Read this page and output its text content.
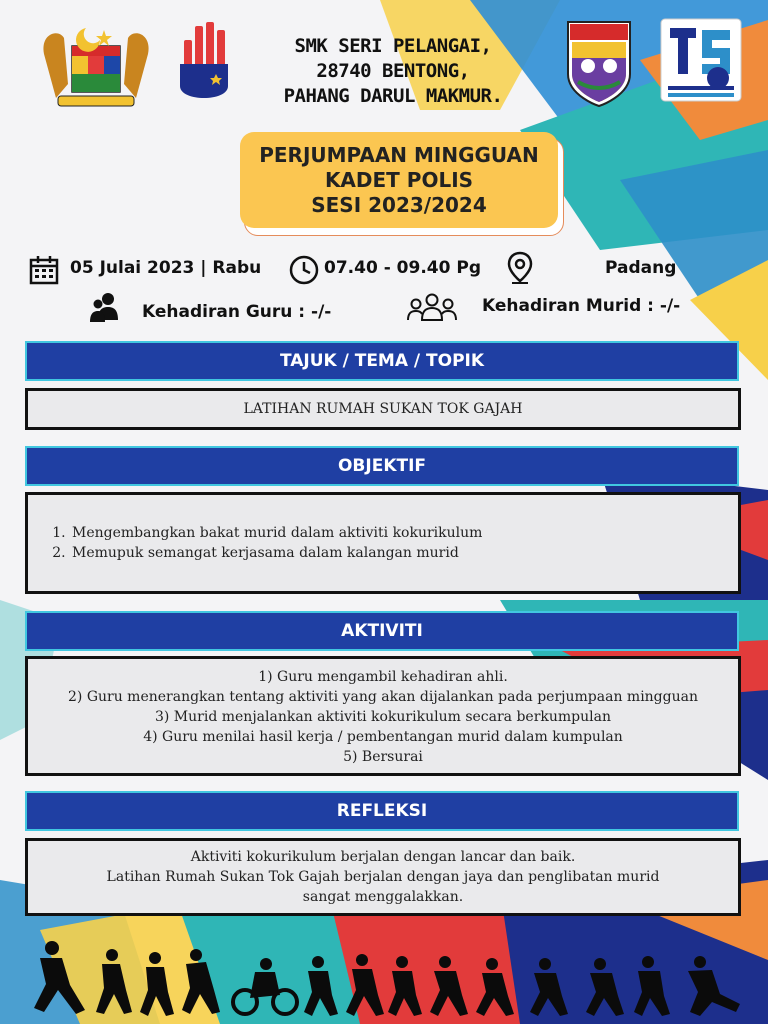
SMK SERI PELANGAI,
28740 BENTONG,
PAHANG DARUL MAKMUR.
PERJUMPAAN MINGGUAN
KADET POLIS
SESI 2023/2024
05 Julai 2023 | Rabu	07.40 - 09.40 Pg	Padang
Kehadiran Guru : -/-	Kehadiran Murid : -/-
TAJUK / TEMA / TOPIK

LATIHAN RUMAH SUKAN TOK GAJAH

OBJEKTIF
1. Mengembangkan bakat murid dalam aktiviti kokurikulum
2. Memupuk semangat kerjasama dalam kalangan murid
AKTIVITI

1) Guru mengambil kehadiran ahli.

2) Guru menerangkan tentang aktiviti yang akan dijalankan pada perjumpaan mingguan

3) Murid menjalankan aktiviti kokurikulum secara berkumpulan

4) Guru menilai hasil kerja / pembentangan murid dalam kumpulan

5) Bersurai

REFLEKSI

Aktiviti kokurikulum berjalan dengan lancar dan baik.

Latihan Rumah Sukan Tok Gajah berjalan dengan jaya dan penglibatan murid sangat menggalakkan.
